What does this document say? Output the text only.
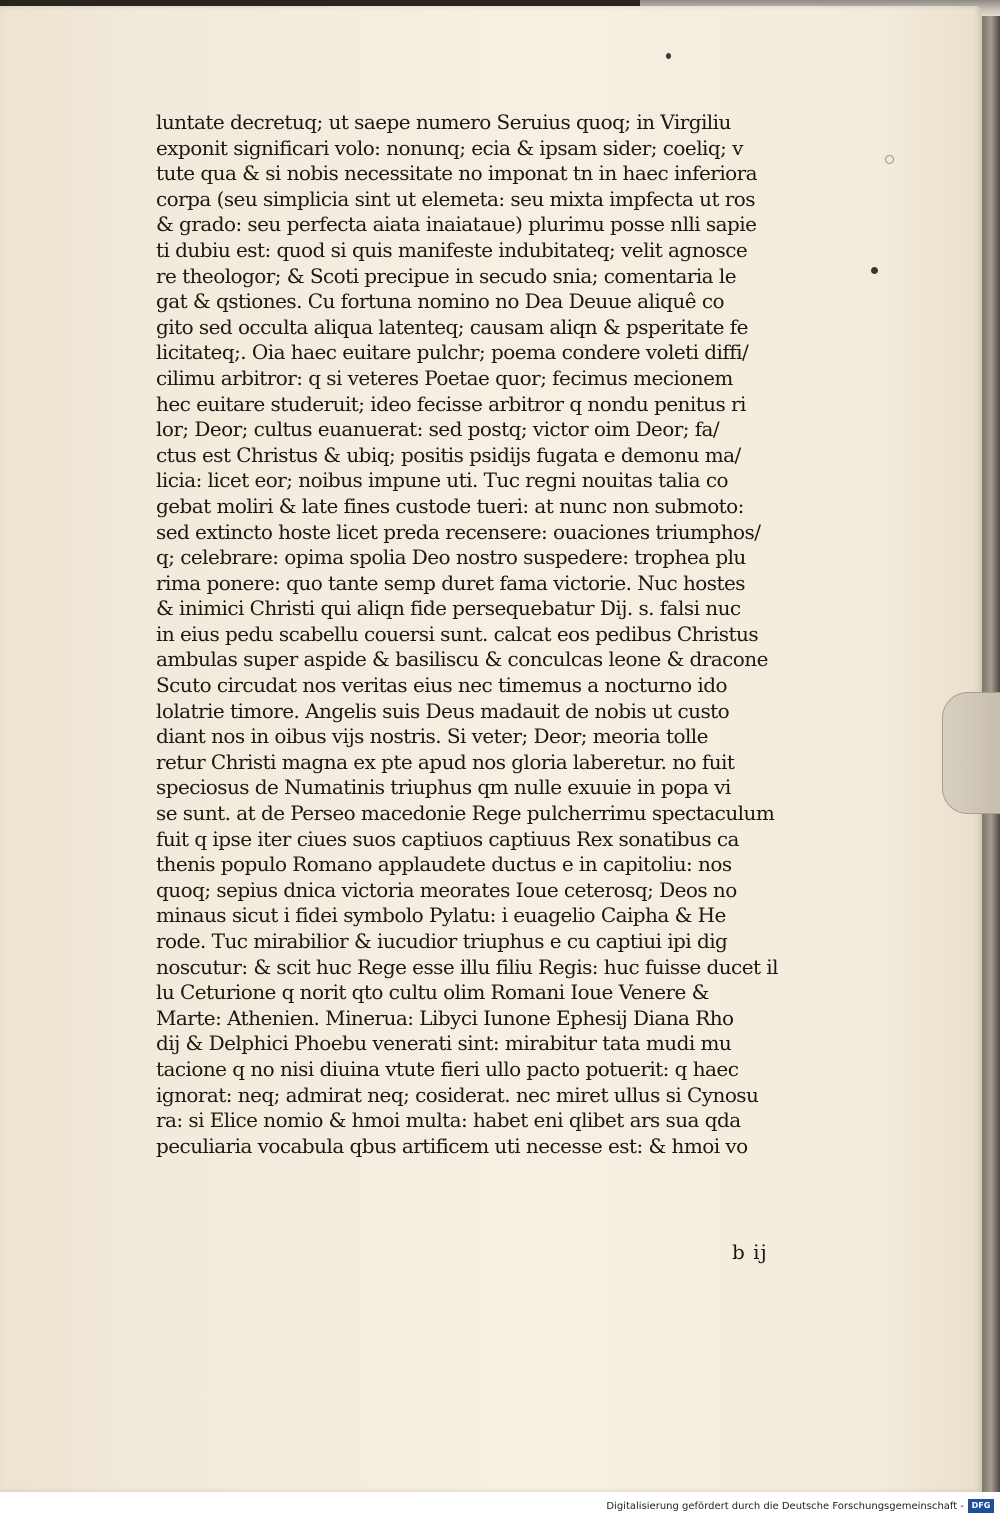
luntate decretuq; ut saepe numero Seruius quoq; in Virgiliu
exponit significari volo: nonunq; ecia & ipsam sider; coeliq; v
tute qua & si nobis necessitate no imponat tn in haec inferiora
corpa (seu simplicia sint ut elemeta: seu mixta impfecta ut ros
& grado: seu perfecta aiata inaiataue) plurimu posse nlli sapie
ti dubiu est: quod si quis manifeste indubitateq; velit agnosce
re theologor; & Scoti precipue in secudo snia; comentaria le
gat & qstiones. Cu fortuna nomino no Dea Deuue aliquê co
gito sed occulta aliqua latenteq; causam aliqn & psperitate fe
licitateq;. Oia haec euitare pulchr; poema condere voleti diffi/
cilimu arbitror: q si veteres Poetae quor; fecimus mecionem
hec euitare studeruit; ideo fecisse arbitror q nondu penitus ri
lor; Deor; cultus euanuerat: sed postq; victor oim Deor; fa/
ctus est Christus & ubiq; positis psidijs fugata e demonu ma/
licia: licet eor; noibus impune uti. Tuc regni nouitas talia co
gebat moliri & late fines custode tueri: at nunc non submoto:
sed extincto hoste licet preda recensere: ouaciones triumphos/
q; celebrare: opima spolia Deo nostro suspedere: trophea plu
rima ponere: quo tante semp duret fama victorie. Nuc hostes
& inimici Christi qui aliqn fide persequebatur Dij. s. falsi nuc
in eius pedu scabellu couersi sunt. calcat eos pedibus Christus
ambulas super aspide & basiliscu & conculcas leone & dracone
Scuto circudat nos veritas eius nec timemus a nocturno ido
lolatrie timore. Angelis suis Deus madauit de nobis ut custo
diant nos in oibus vijs nostris. Si veter; Deor; meoria tolle
retur Christi magna ex pte apud nos gloria laberetur. no fuit
speciosus de Numatinis triuphus qm nulle exuuie in popa vi
se sunt. at de Perseo macedonie Rege pulcherrimu spectaculum
fuit q ipse iter ciues suos captiuos captiuus Rex sonatibus ca
thenis populo Romano applaudete ductus e in capitoliu: nos
quoq; sepius dnica victoria meorates Ioue ceterosq; Deos no
minaus sicut i fidei symbolo Pylatu: i euagelio Caipha & He
rode. Tuc mirabilior & iucudior triuphus e cu captiui ipi dig
noscutur: & scit huc Rege esse illu filiu Regis: huc fuisse ducet il
lu Ceturione q norit qto cultu olim Romani Ioue Venere &
Marte: Athenien. Minerua: Libyci Iunone Ephesij Diana Rho
dij & Delphici Phoebu venerati sint: mirabitur tata mudi mu
tacione q no nisi diuina vtute fieri ullo pacto potuerit: q haec
ignorat: neq; admirat neq; cosiderat. nec miret ullus si Cynosu
ra: si Elice nomio & hmoi multa: habet eni qlibet ars sua qda
peculiaria vocabula qbus artificem uti necesse est: & hmoi vo
b ij
Digitalisierung gefördert durch die Deutsche Forschungsgemeinschaft - DFG
